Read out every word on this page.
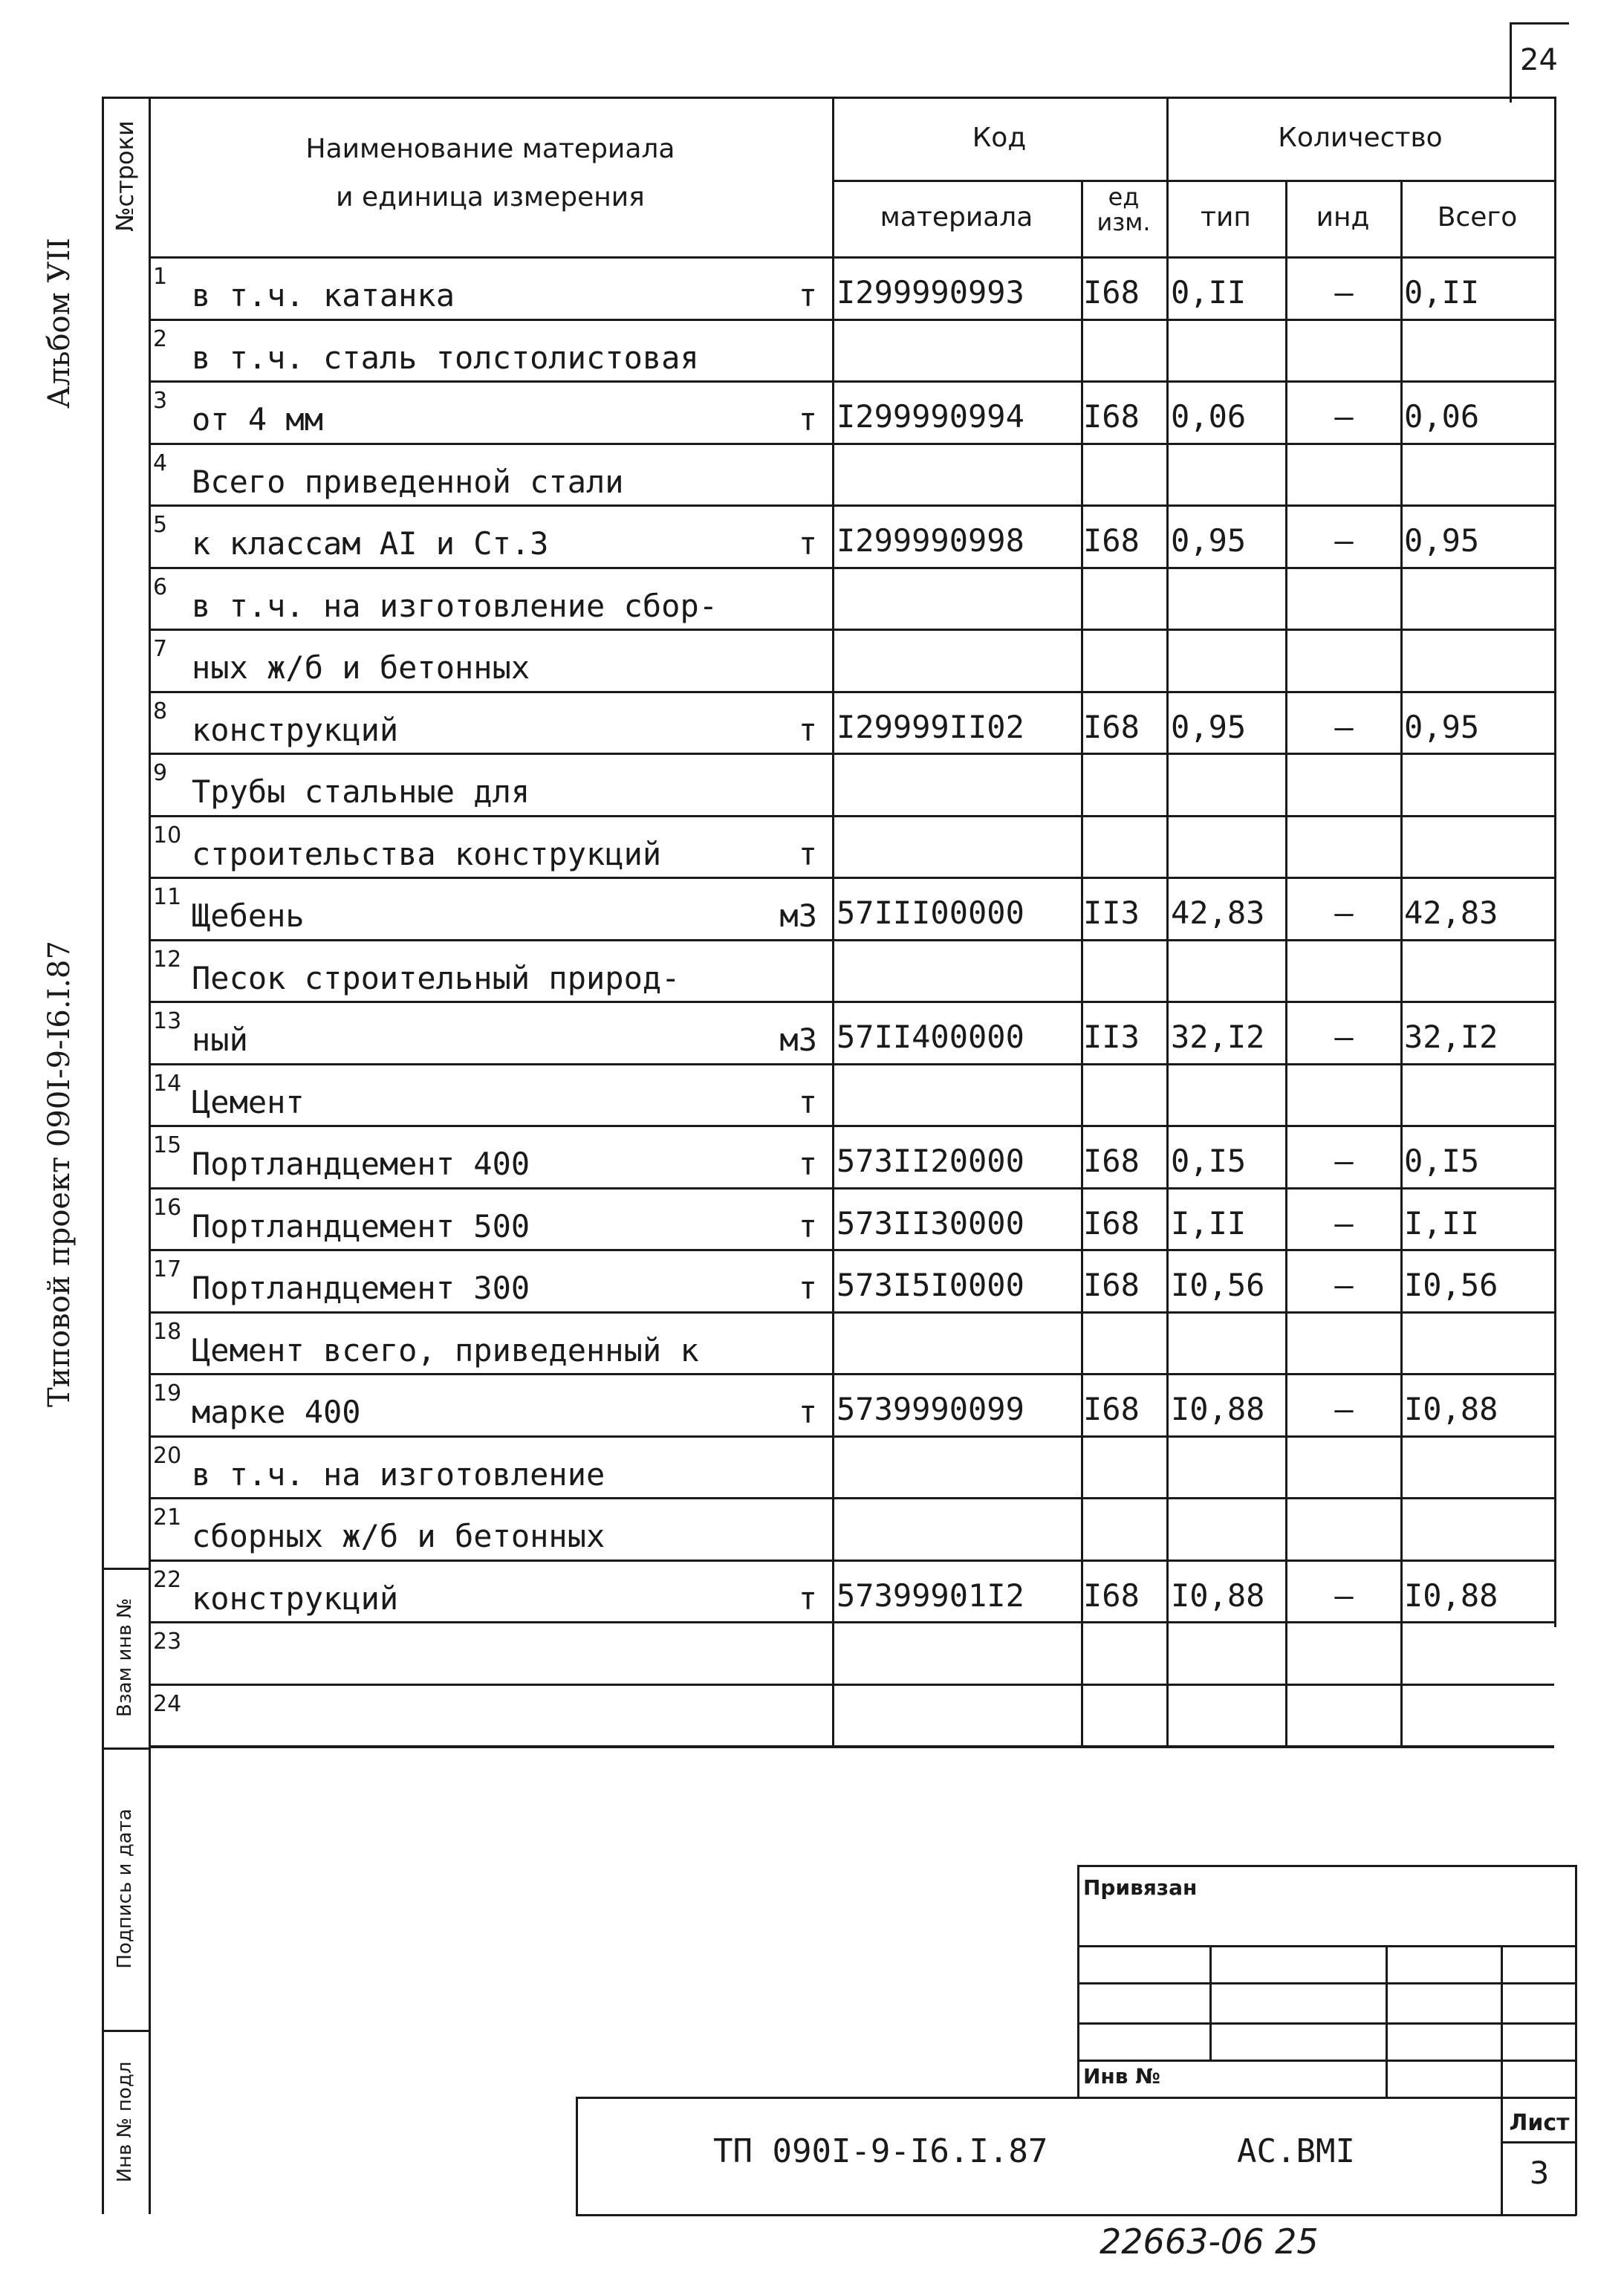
24
Альбом УII
Типовой проект 090I-9-I6.I.87
Взам инв №
Подпись и дата
Инв № подл
№строки	Наименование материала
и единица измерения
Код	Количество
материала
ед
изм.	тип	инд	Всего
1
в т.ч. катанка	т I299990993	I68	0,II	–	0,II
2
в т.ч. сталь толстолистовая
3
от 4 мм	т I299990994	I68	0,06	–	0,06
4
Всего приведенной стали
5
к классам AI и Ст.3	т I299990998	I68	0,95	–	0,95
6
в т.ч. на изготовление сбор-
7
ных ж/б и бетонных
8
конструкций	т I29999II02	I68	0,95	–	0,95
9
Трубы стальные для
10
строительства конструкций	т
11
Щебень	м3 57III00000	II3	42,83	–	42,83
12
Песок строительный природ-
13
ный	м3 57II400000	II3	32,I2	–	32,I2
14
Цемент	т
15
Портландцемент 400	т 573II20000	I68	0,I5	–	0,I5
16
Портландцемент 500	т 573II30000	I68	I,II	–	I,II
17
Портландцемент 300	т 573I5I0000	I68	I0,56	–	I0,56
18
Цемент всего, приведенный к
19
марке 400	т 5739990099	I68	I0,88	–	I0,88
20
в т.ч. на изготовление
21
сборных ж/б и бетонных
22
конструкций	т 57399901I2	I68	I0,88	–	I0,88
23
24
Привязан
Инв №
Лист
3
ТП 090I-9-I6.I.87	АС.ВМI
22663-06 25
